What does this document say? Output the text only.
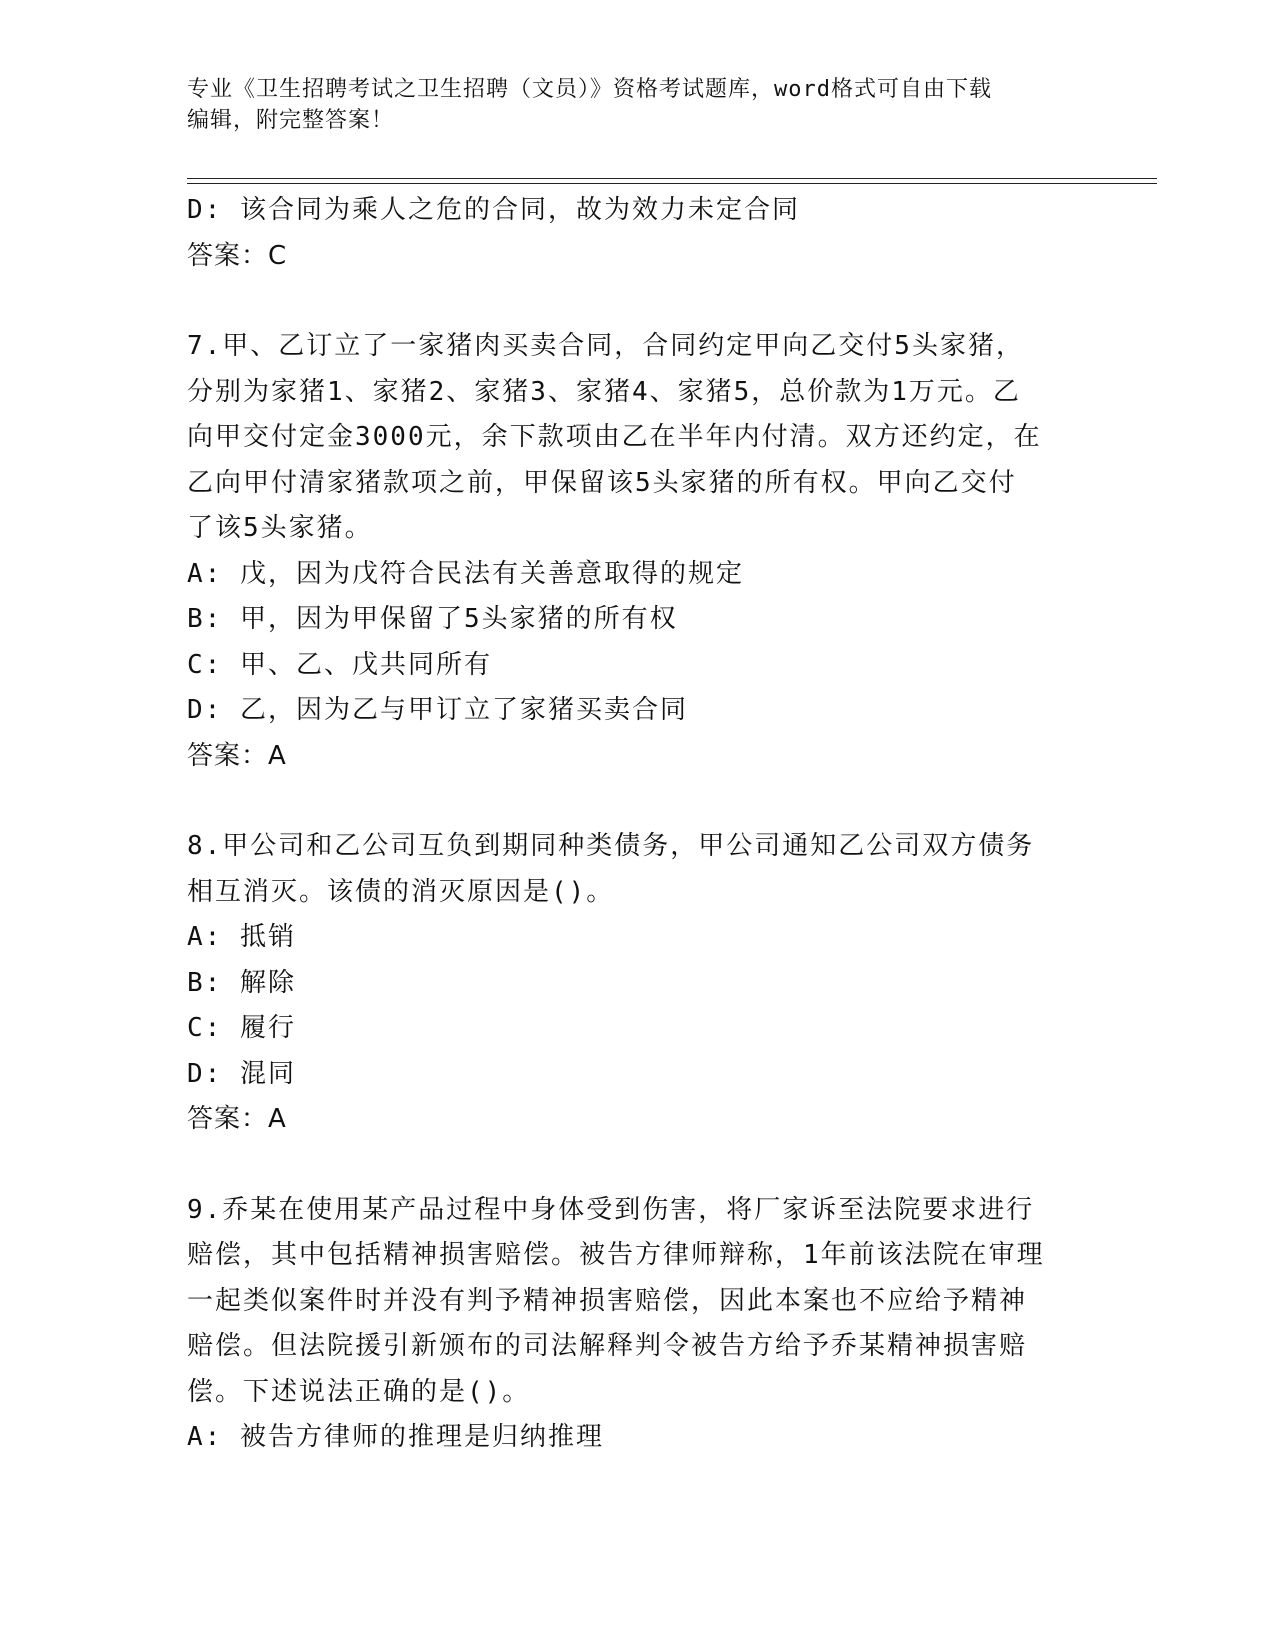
专业《卫生招聘考试之卫生招聘（文员）》资格考试题库，word格式可自由下载
编辑，附完整答案！

D: 该合同为乘人之危的合同，故为效力未定合同

答案：C

7.甲、乙订立了一家猪肉买卖合同，合同约定甲向乙交付5头家猪，

分别为家猪1、家猪2、家猪3、家猪4、家猪5，总价款为1万元。乙

向甲交付定金3000元，余下款项由乙在半年内付清。双方还约定，在

乙向甲付清家猪款项之前，甲保留该5头家猪的所有权。甲向乙交付

了该5头家猪。

A: 戊，因为戊符合民法有关善意取得的规定

B: 甲，因为甲保留了5头家猪的所有权

C: 甲、乙、戊共同所有

D: 乙，因为乙与甲订立了家猪买卖合同

答案：A

8.甲公司和乙公司互负到期同种类债务，甲公司通知乙公司双方债务

相互消灭。该债的消灭原因是()。

A: 抵销

B: 解除

C: 履行

D: 混同

答案：A

9.乔某在使用某产品过程中身体受到伤害，将厂家诉至法院要求进行

赔偿，其中包括精神损害赔偿。被告方律师辩称，1年前该法院在审理

一起类似案件时并没有判予精神损害赔偿，因此本案也不应给予精神

赔偿。但法院援引新颁布的司法解释判令被告方给予乔某精神损害赔

偿。下述说法正确的是()。

A: 被告方律师的推理是归纳推理
